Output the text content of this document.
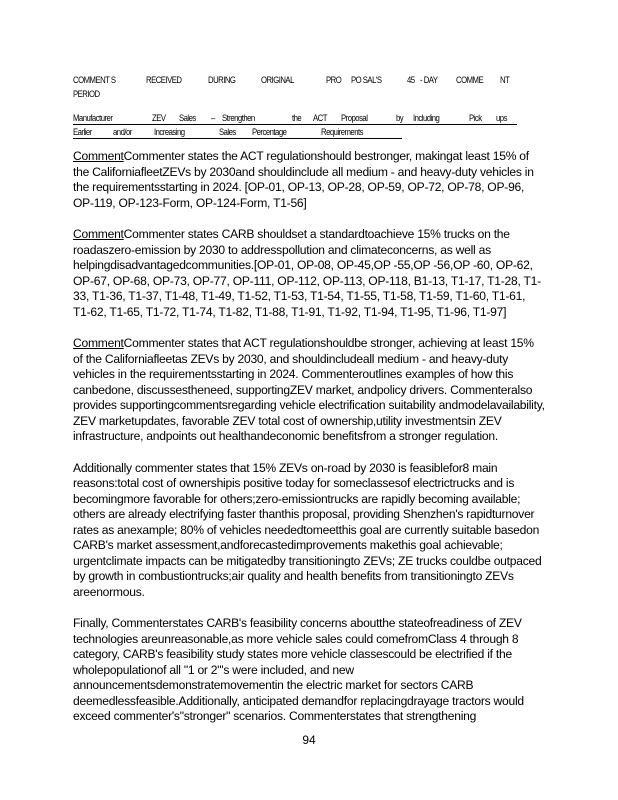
COMMENT S	RECEIVED	DURING	ORIGINAL	PRO PO SAL'S	45 - DAY COMME NT
PERIOD
Manufacturer	ZEV Sales – Strengthen	the ACT Proposal	by Including	Pick ups
Earlier and/or Increasing	Sales Percentage	Requirements

CommentCommenter states the ACT regulationshould bestronger, makingat least 15% of the CaliforniafleetZEVs by 2030and shouldinclude all medium - and heavy-duty vehicles in the requirementsstarting in 2024. [OP-01, OP-13, OP-28, OP-59, OP-72, OP-78, OP-96, OP-119, OP-123-Form, OP-124-Form, T1-56]

CommentCommenter states CARB shouldset a standardtoachieve 15% trucks on the roadaszero-emission by 2030 to addresspollution and climateconcerns, as well as helpingdisadvantagedcommunities.[OP-01, OP-08, OP-45,OP -55,OP -56,OP -60, OP-62, OP-67, OP-68, OP-73, OP-77, OP-111, OP-112, OP-113, OP-118, B1-13, T1-17, T1-28, T1-33, T1-36, T1-37, T1-48, T1-49, T1-52, T1-53, T1-54, T1-55, T1-58, T1-59, T1-60, T1-61, T1-62, T1-65, T1-72, T1-74, T1-82, T1-88, T1-91, T1-92, T1-94, T1-95, T1-96, T1-97]

CommentCommenter states that ACT regulationshouldbe stronger, achieving at least 15% of the Californiafleetas ZEVs by 2030, and shouldincludeall medium - and heavy-duty vehicles in the requirementsstarting in 2024. Commenteroutlines examples of how this canbedone, discussestheneed, supportingZEV market, andpolicy drivers. Commenteralso provides supportingcommentsregarding vehicle electrification suitability andmodelavailability, ZEV marketupdates, favorable ZEV total cost of ownership,utility investmentsin ZEV infrastructure, andpoints out healthandeconomic benefitsfrom a stronger regulation.

Additionally commenter states that 15% ZEVs on-road by 2030 is feasiblefor8 main reasons:total cost of ownershipis positive today for someclassesof electrictrucks and is becomingmore favorable for others;zero-emissiontrucks are rapidly becoming available; others are already electrifying faster thanthis proposal, providing Shenzhen's rapidturnover rates as anexample; 80% of vehicles neededtomeetthis goal are currently suitable basedon CARB's market assessment,andforecastedimprovements makethis goal achievable; urgentclimate impacts can be mitigatedby transitioningto ZEVs; ZE trucks couldbe outpaced by growth in combustiontrucks;air quality and health benefits from transitioningto ZEVs areenormous.

Finally, Commenterstates CARB's feasibility concerns aboutthe stateofreadiness of ZEV technologies areunreasonable,as more vehicle sales could comefromClass 4 through 8 category, CARB's feasibility study states more vehicle classescould be electrified if the wholepopulationof all "1 or 2"'s were included, and new announcementsdemonstratemovementin the electric market for sectors CARB deemedlessfeasible.Additionally, anticipated demandfor replacingdrayage tractors would exceed commenter's"stronger" scenarios. Commenterstates that strengthening

94
